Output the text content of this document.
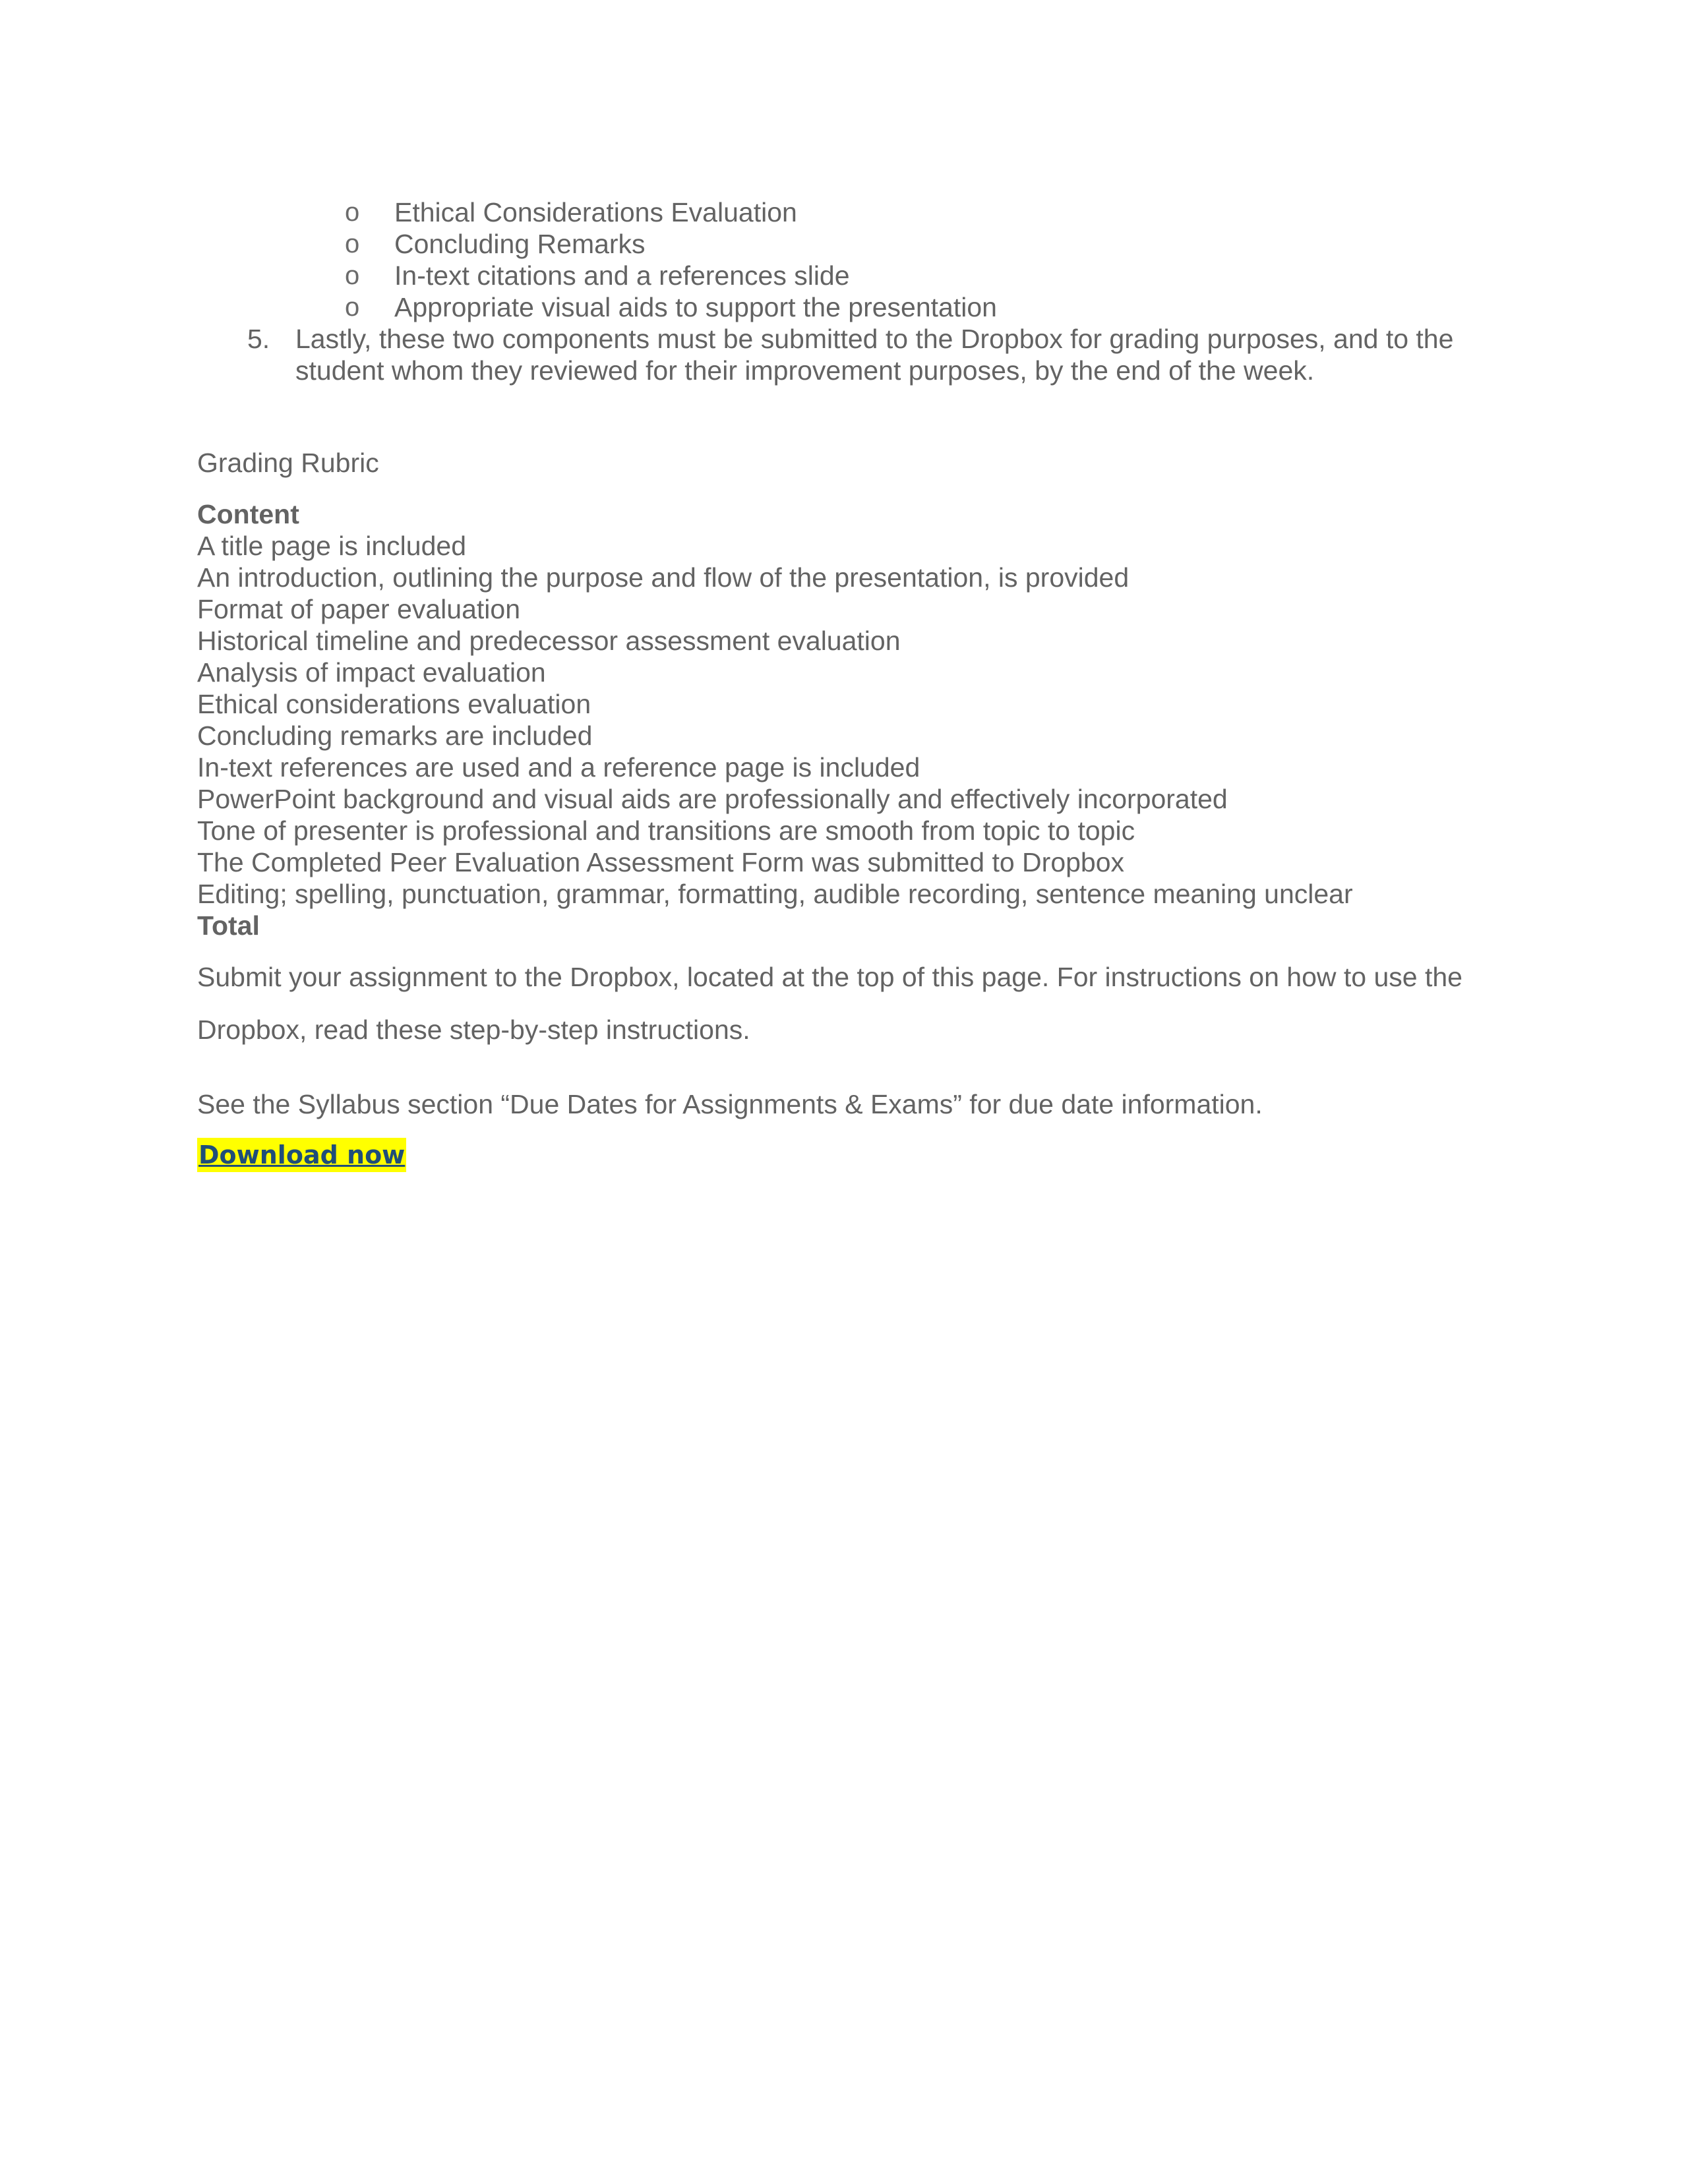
o Ethical Considerations Evaluation
o Concluding Remarks
o In-text citations and a references slide
o Appropriate visual aids to support the presentation
5. Lastly, these two components must be submitted to the Dropbox for grading purposes, and to the student whom they reviewed for their improvement purposes, by the end of the week.
Grading Rubric
Content
A title page is included
An introduction, outlining the purpose and flow of the presentation, is provided
Format of paper evaluation
Historical timeline and predecessor assessment evaluation
Analysis of impact evaluation
Ethical considerations evaluation
Concluding remarks are included
In-text references are used and a reference page is included
PowerPoint background and visual aids are professionally and effectively incorporated
Tone of presenter is professional and transitions are smooth from topic to topic
The Completed Peer Evaluation Assessment Form was submitted to Dropbox
Editing; spelling, punctuation, grammar, formatting, audible recording, sentence meaning unclear
Total
Submit your assignment to the Dropbox, located at the top of this page. For instructions on how to use the Dropbox, read these step-by-step instructions.
See the Syllabus section “Due Dates for Assignments & Exams” for due date information.
Download now
